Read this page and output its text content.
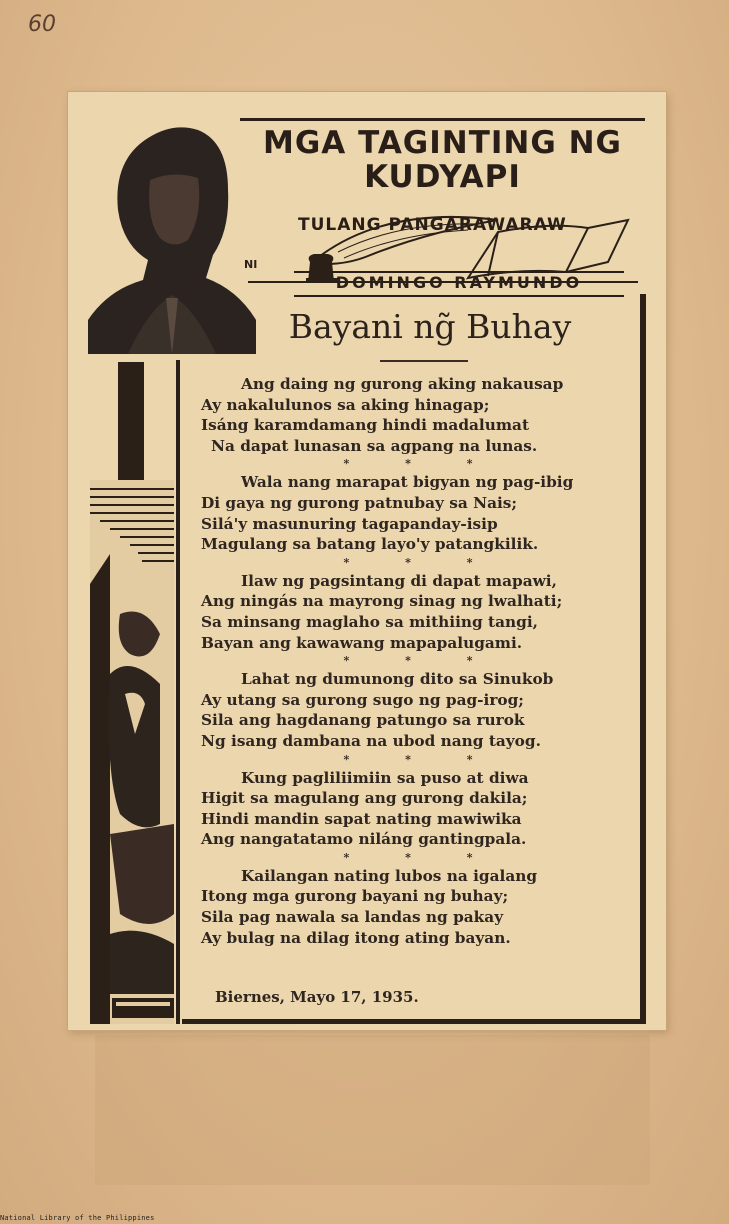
60
MGA TAGINTING NG
KUDYAPI
TULANG PANGARAWARAW
NI
DOMINGO RAYMUNDO
Bayani ng̃ Buhay
Ang daing ng gurong aking nakausap
Ay nakalulunos sa aking hinagap;
Isáng karamdamang hindi madalumat
Na dapat lunasan sa agpang na lunas.
* * *
Wala nang marapat bigyan ng pag-ibig
Di gaya ng gurong patnubay sa Nais;
Silá'y masunuring tagapanday-isip
Magulang sa batang layo'y patangkilik.
* * *
Ilaw ng pagsintang di dapat mapawi,
Ang ningás na mayrong sinag ng lwalhati;
Sa minsang maglaho sa mithiing tangi,
Bayan ang kawawang mapapalugami.
* * *
Lahat ng dumunong dito sa Sinukob
Ay utang sa gurong sugo ng pag-irog;
Sila ang hagdanang patungo sa rurok
Ng isang dambana na ubod nang tayog.
* * *
Kung pagliliimiin sa puso at diwa
Higit sa magulang ang gurong dakila;
Hindi mandin sapat nating mawiwika
Ang nangatatamo niláng gantingpala.
* * *
Kailangan nating lubos na igalang
Itong mga gurong bayani ng buhay;
Sila pag nawala sa landas ng pakay
Ay bulag na dilag itong ating bayan.
Biernes, Mayo 17, 1935.
National Library of the Philippines
